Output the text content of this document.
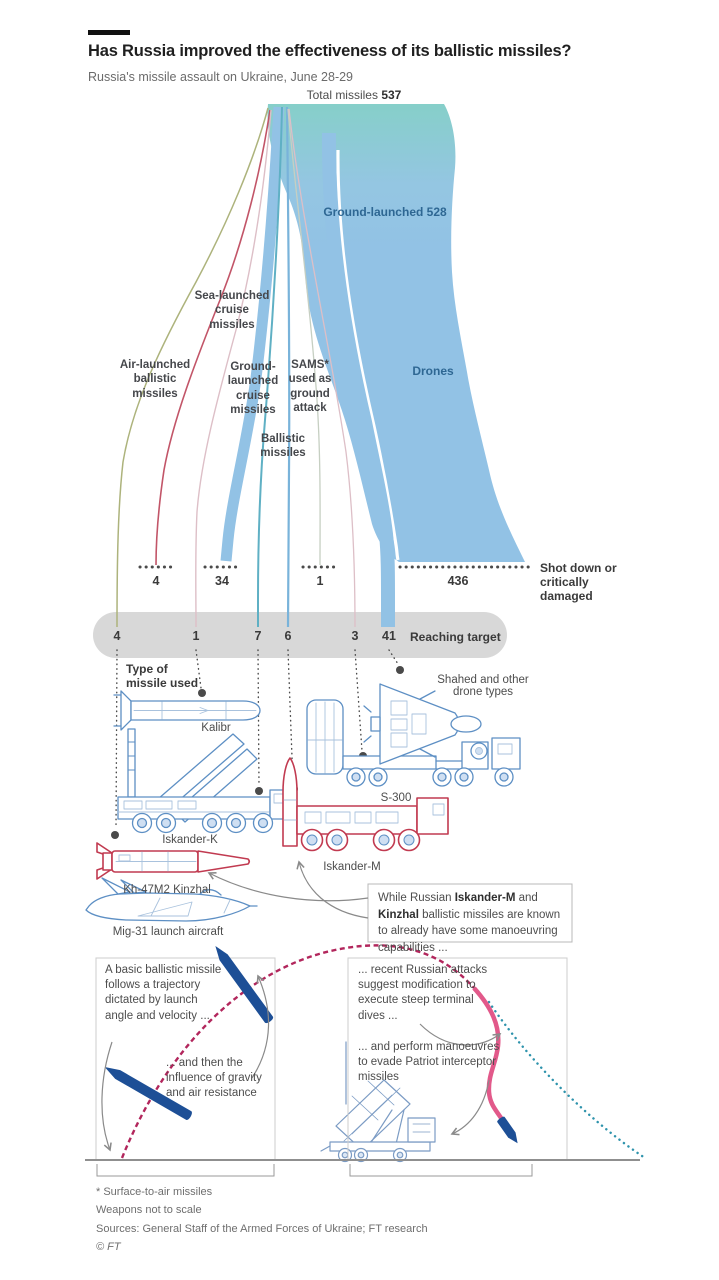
Has Russia improved the effectiveness of its ballistic missiles?
Russia's missile assault on Ukraine, June 28-29
Total missiles 537
Ground-launched 528
Drones
Sea-launched cruise missiles
Air-launched ballistic missiles
Ground-launched cruise missiles
SAMS* used as ground attack
Ballistic missiles
4	34	1	436
Shot down or critically damaged
4	1	7 6	3 41 Reaching target
Type of missile used
Kalibr
Iskander-K
S-300
Shahed and other drone types
Kh-47M2 Kinzhal
Mig-31 launch aircraft
Iskander-M
While Russian Iskander-M and Kinzhal ballistic missiles are known to already have some manoeuvring capabilities ...
A basic ballistic missile follows a trajectory dictated by launch angle and velocity ...
... and then the influence of gravity and air resistance
... recent Russian attacks suggest modification to execute steep terminal dives ...
... and perform manoeuvres to evade Patriot interceptor missiles
* Surface-to-air missiles
Weapons not to scale
Sources: General Staff of the Armed Forces of Ukraine; FT research
© FT
